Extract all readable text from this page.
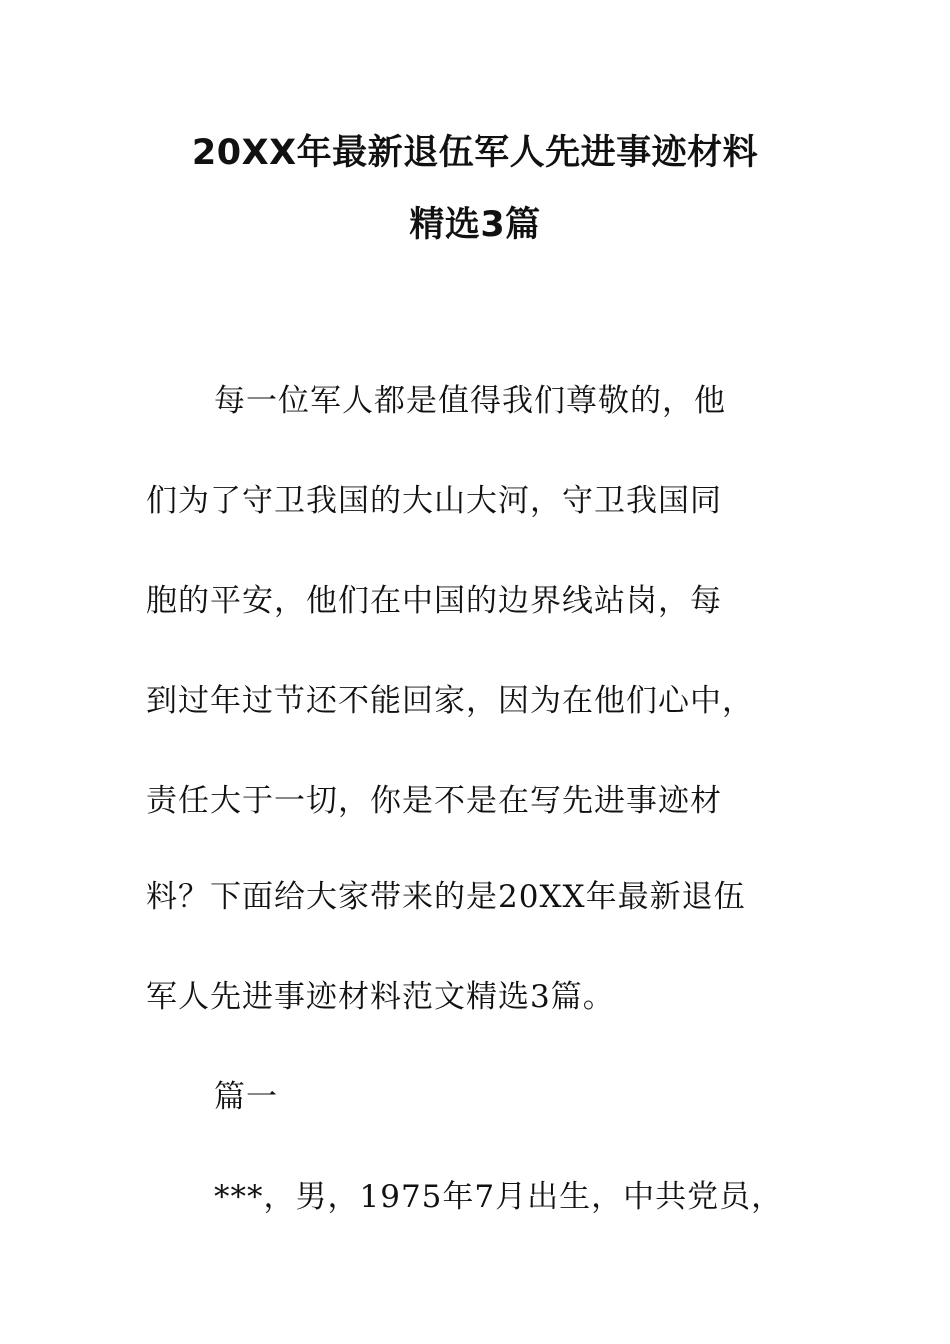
20XX年最新退伍军人先进事迹材料
精选3篇
每一位军人都是值得我们尊敬的，他
们为了守卫我国的大山大河，守卫我国同
胞的平安，他们在中国的边界线站岗，每
到过年过节还不能回家，因为在他们心中，
责任大于一切，你是不是在写先进事迹材
料？下面给大家带来的是20XX年最新退伍
军人先进事迹材料范文精选3篇。
篇一
***，男，1975年7月出生，中共党员，
